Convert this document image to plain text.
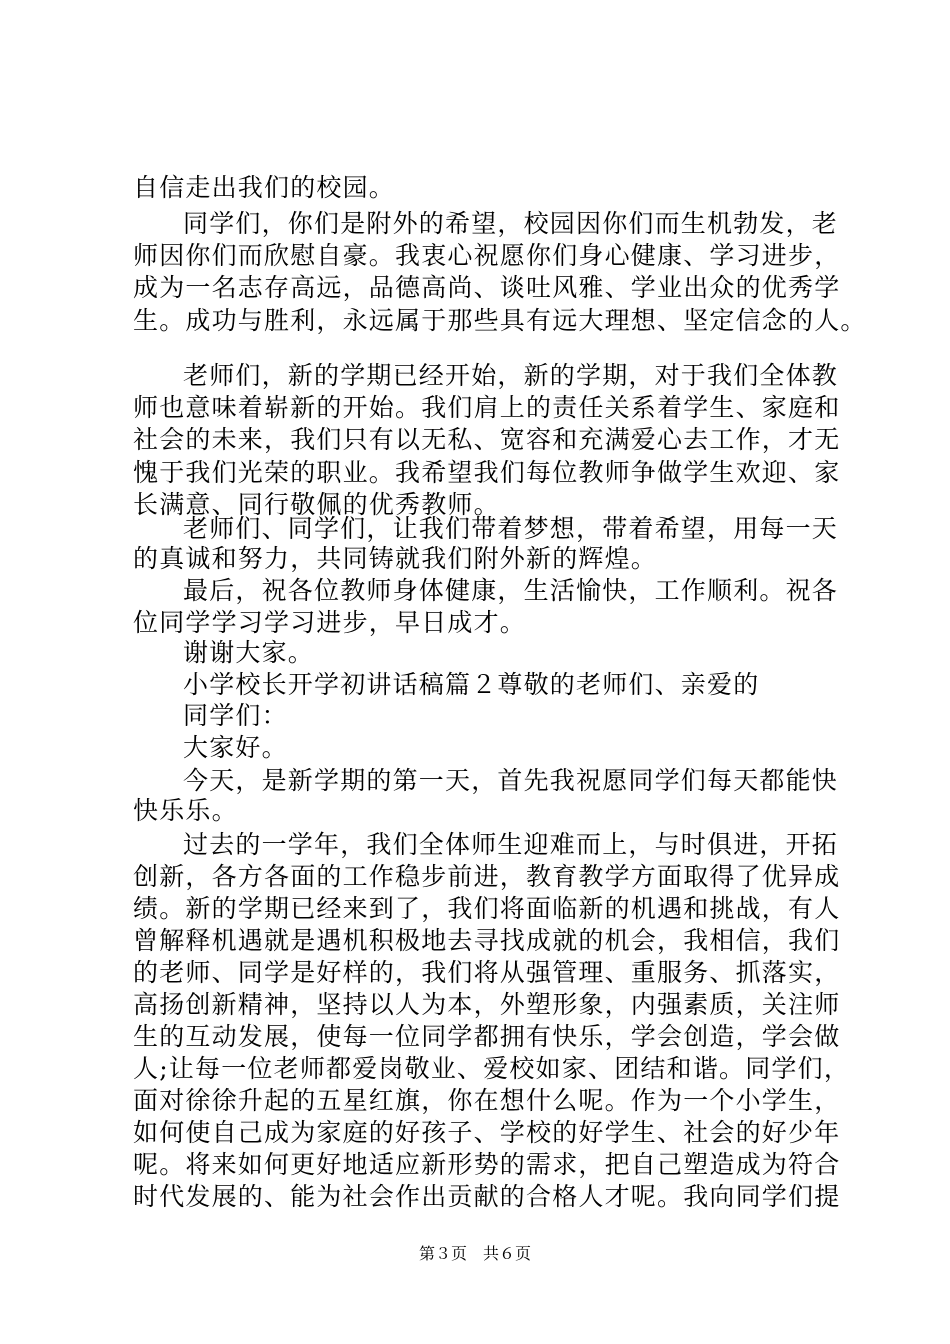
自信走出我们的校园。
同学们，你们是附外的希望，校园因你们而生机勃发，老
师因你们而欣慰自豪。我衷心祝愿你们身心健康、学习进步，
成为一名志存高远，品德高尚、谈吐风雅、学业出众的优秀学
生。成功与胜利，永远属于那些具有远大理想、坚定信念的人。
老师们，新的学期已经开始，新的学期，对于我们全体教
师也意味着崭新的开始。我们肩上的责任关系着学生、家庭和
社会的未来，我们只有以无私、宽容和充满爱心去工作，才无
愧于我们光荣的职业。我希望我们每位教师争做学生欢迎、家
长满意、同行敬佩的优秀教师。
老师们、同学们，让我们带着梦想，带着希望，用每一天
的真诚和努力，共同铸就我们附外新的辉煌。
最后，祝各位教师身体健康，生活愉快，工作顺利。祝各
位同学学习学习进步，早日成才。
谢谢大家。
小学校长开学初讲话稿篇２尊敬的老师们、亲爱的
同学们：
大家好。
今天，是新学期的第一天，首先我祝愿同学们每天都能快
快乐乐。
过去的一学年，我们全体师生迎难而上，与时俱进，开拓
创新，各方各面的工作稳步前进，教育教学方面取得了优异成
绩。新的学期已经来到了，我们将面临新的机遇和挑战，有人
曾解释机遇就是遇机积极地去寻找成就的机会，我相信，我们
的老师、同学是好样的，我们将从强管理、重服务、抓落实，
高扬创新精神，坚持以人为本，外塑形象，内强素质，关注师
生的互动发展，使每一位同学都拥有快乐，学会创造，学会做
人;让每一位老师都爱岗敬业、爱校如家、团结和谐。同学们，
面对徐徐升起的五星红旗，你在想什么呢。作为一个小学生，
如何使自己成为家庭的好孩子、学校的好学生、社会的好少年
呢。将来如何更好地适应新形势的需求，把自己塑造成为符合
时代发展的、能为社会作出贡献的合格人才呢。我向同学们提
第３页　共６页
